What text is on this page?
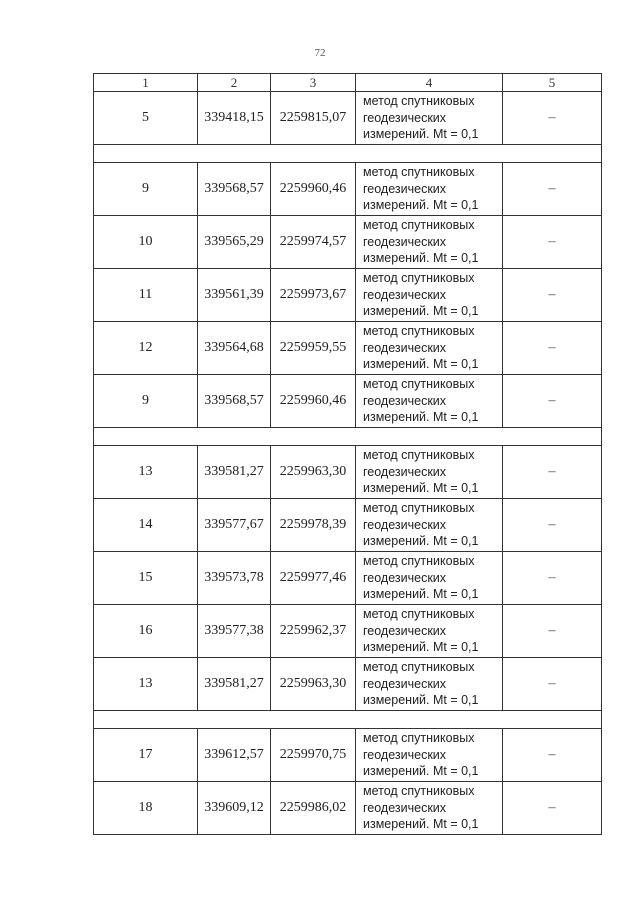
72
1	2	3	4	5
5	339418,15	2259815,07	метод спутниковых
геодезических
измерений. Mt = 0,1	–

9	339568,57	2259960,46	метод спутниковых
геодезических
измерений. Mt = 0,1	–
10	339565,29	2259974,57	метод спутниковых
геодезических
измерений. Mt = 0,1	–
11	339561,39	2259973,67	метод спутниковых
геодезических
измерений. Mt = 0,1	–
12	339564,68	2259959,55	метод спутниковых
геодезических
измерений. Mt = 0,1	–
9	339568,57	2259960,46	метод спутниковых
геодезических
измерений. Mt = 0,1	–

13	339581,27	2259963,30	метод спутниковых
геодезических
измерений. Mt = 0,1	–
14	339577,67	2259978,39	метод спутниковых
геодезических
измерений. Mt = 0,1	–
15	339573,78	2259977,46	метод спутниковых
геодезических
измерений. Mt = 0,1	–
16	339577,38	2259962,37	метод спутниковых
геодезических
измерений. Mt = 0,1	–
13	339581,27	2259963,30	метод спутниковых
геодезических
измерений. Mt = 0,1	–

17	339612,57	2259970,75	метод спутниковых
геодезических
измерений. Mt = 0,1	–
18	339609,12	2259986,02	метод спутниковых
геодезических
измерений. Mt = 0,1	–
